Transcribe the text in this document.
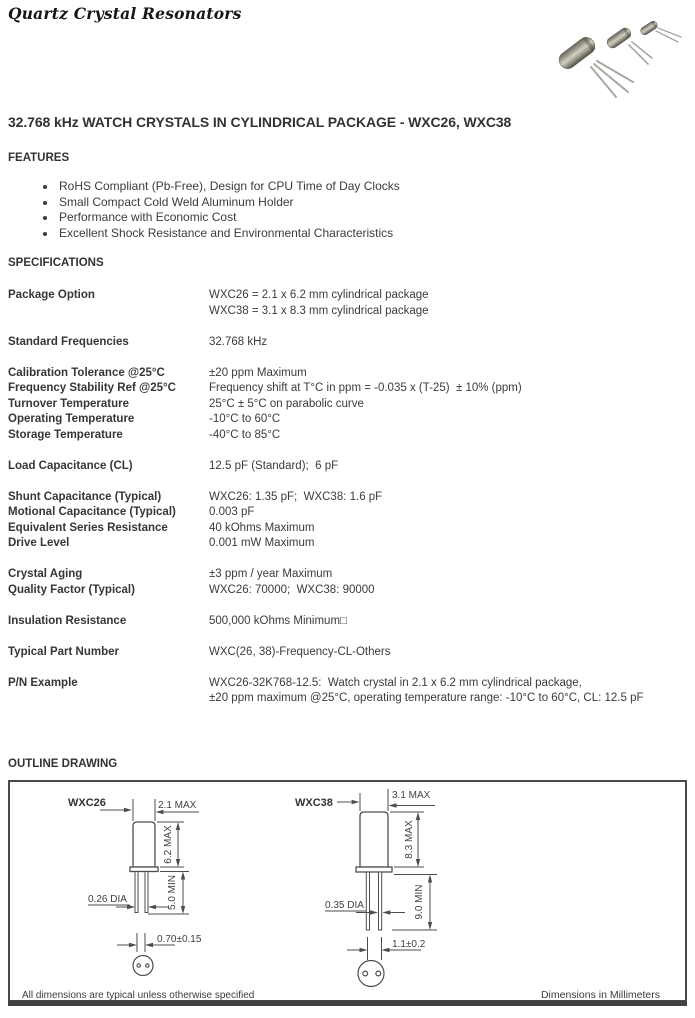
Quartz Crystal Resonators
32.768 kHz WATCH CRYSTALS IN CYLINDRICAL PACKAGE - WXC26, WXC38
FEATURES
• RoHS Compliant (Pb-Free), Design for CPU Time of Day Clocks
• Small Compact Cold Weld Aluminum Holder
• Performance with Economic Cost
• Excellent Shock Resistance and Environmental Characteristics
SPECIFICATIONS
Package Option	WXC26 = 2.1 x 6.2 mm cylindrical package
WXC38 = 3.1 x 8.3 mm cylindrical package
Standard Frequencies	32.768 kHz
Calibration Tolerance @25°C	±20 ppm Maximum
Frequency Stability Ref @25°C	Frequency shift at T°C in ppm = -0.035 x (T-25)  ± 10% (ppm)
Turnover Temperature	25°C ± 5°C on parabolic curve
Operating Temperature	-10°C to 60°C
Storage Temperature	-40°C to 85°C
Load Capacitance (CL)	12.5 pF (Standard);  6 pF
Shunt Capacitance (Typical)	WXC26: 1.35 pF;  WXC38: 1.6 pF
Motional Capacitance (Typical)	0.003 pF
Equivalent Series Resistance	40 kOhms Maximum
Drive Level	0.001 mW Maximum
Crystal Aging	±3 ppm / year Maximum
Quality Factor (Typical)	WXC26: 70000;  WXC38: 90000
Insulation Resistance	500,000 kOhms Minimum□
Typical Part Number	WXC(26, 38)-Frequency-CL-Others
P/N Example	WXC26-32K768-12.5:  Watch crystal in 2.1 x 6.2 mm cylindrical package,
±20 ppm maximum @25°C, operating temperature range: -10°C to 60°C, CL: 12.5 pF
OUTLINE DRAWING
WXC26	2.1 MAX
6.2 MAX
5.0 MIN
0.26 DIA
0.70±0.15
WXC38
3.1 MAX
8.3 MAX
9.0 MIN
0.35 DIA
1.1±0.2
All dimensions are typical unless otherwise specified	Dimensions in Millimeters
